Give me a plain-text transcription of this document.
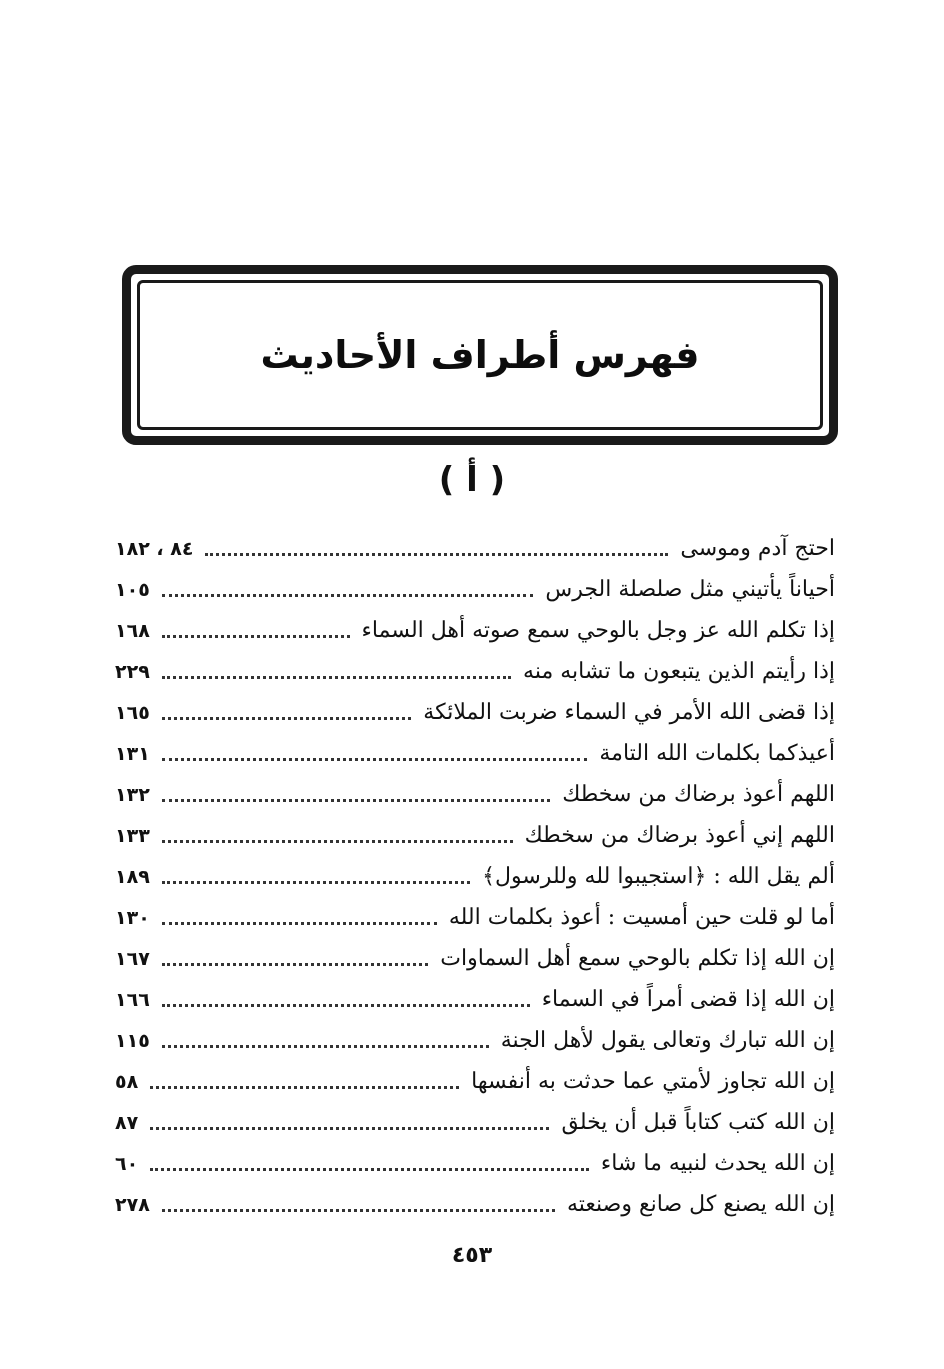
فهرس أطراف الأحاديث
( أ )
احتج آدم وموسى
٨٤ ، ١٨٢
أحياناً يأتيني مثل صلصلة الجرس
١٠٥
إذا تكلم الله عز وجل بالوحي سمع صوته أهل السماء
١٦٨
إذا رأيتم الذين يتبعون ما تشابه منه
٢٢٩
إذا قضى الله الأمر في السماء ضربت الملائكة
١٦٥
أعيذكما بكلمات الله التامة
١٣١
اللهم أعوذ برضاك من سخطك
١٣٢
اللهم إني أعوذ برضاك من سخطك
١٣٣
ألم يقل الله : ﴿استجيبوا لله وللرسول﴾
١٨٩
أما لو قلت حين أمسيت : أعوذ بكلمات الله
١٣٠
إن الله إذا تكلم بالوحي سمع أهل السماوات
١٦٧
إن الله إذا قضى أمراً في السماء
١٦٦
إن الله تبارك وتعالى يقول لأهل الجنة
١١٥
إن الله تجاوز لأمتي عما حدثت به أنفسها
٥٨
إن الله كتب كتاباً قبل أن يخلق
٨٧
إن الله يحدث لنبيه ما شاء
٦٠
إن الله يصنع كل صانع وصنعته
٢٧٨
٤٥٣
